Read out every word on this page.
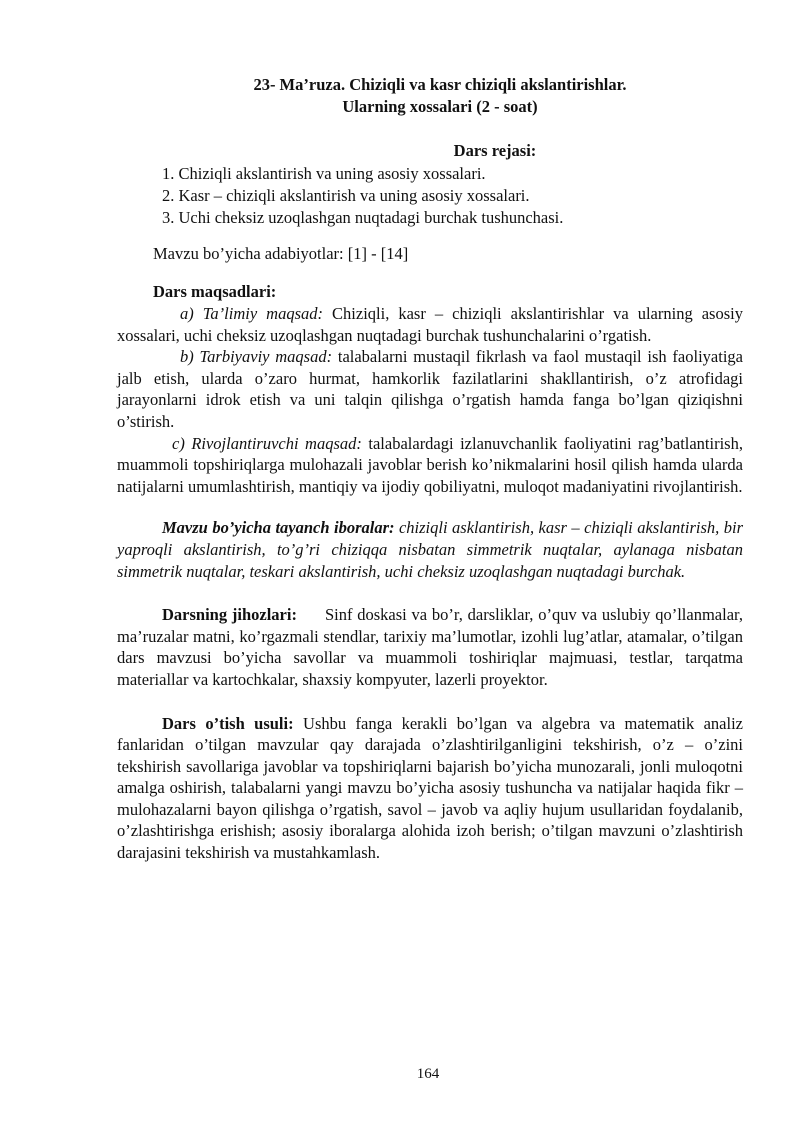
23- Ma’ruza. Chiziqli va kasr chiziqli akslantirishlar.
Ularning xossalari (2 - soat)
Dars rejasi:
1. Chiziqli akslantirish va uning asosiy xossalari.
2. Kasr – chiziqli akslantirish va uning asosiy xossalari.
3. Uchi cheksiz uzoqlashgan nuqtadagi burchak tushunchasi.
Mavzu bo’yicha adabiyotlar: [1] - [14]
Dars maqsadlari:

a) Ta’limiy maqsad: Chiziqli, kasr – chiziqli akslantirishlar va ularning asosiy xossalari, uchi cheksiz uzoqlashgan nuqtadagi burchak tushunchalarini o’rgatish.

b) Tarbiyaviy maqsad: talabalarni mustaqil fikrlash va faol mustaqil ish faoliyatiga jalb etish, ularda o’zaro hurmat, hamkorlik fazilatlarini shakllantirish, o’z atrofidagi jarayonlarni idrok etish va uni talqin qilishga o’rgatish hamda fanga bo’lgan qiziqishni o’stirish.

c) Rivojlantiruvchi maqsad: talabalardagi izlanuvchanlik faoliyatini rag’batlantirish, muammoli topshiriqlarga mulohazali javoblar berish ko’nikmalarini hosil qilish hamda ularda natijalarni umumlashtirish, mantiqiy va ijodiy qobiliyatni, muloqot madaniyatini rivojlantirish.

Mavzu bo’yicha tayanch iboralar: chiziqli asklantirish, kasr – chiziqli akslantirish, bir yaproqli akslantirish, to’g’ri chiziqqa nisbatan simmetrik nuqtalar, aylanaga nisbatan simmetrik nuqtalar, teskari akslantirish, uchi cheksiz uzoqlashgan nuqtadagi burchak.

Darsning jihozlari: Sinf doskasi va bo’r, darsliklar, o’quv va uslubiy qo’llanmalar, ma’ruzalar matni, ko’rgazmali stendlar, tarixiy ma’lumotlar, izohli lug’atlar, atamalar, o’tilgan dars mavzusi bo’yicha savollar va muammoli toshiriqlar majmuasi, testlar, tarqatma materiallar va kartochkalar, shaxsiy kompyuter, lazerli proyektor.

Dars o’tish usuli: Ushbu fanga kerakli bo’lgan va algebra va matematik analiz fanlaridan o’tilgan mavzular qay darajada o’zlashtirilganligini tekshirish, o’z – o’zini tekshirish savollariga javoblar va topshiriqlarni bajarish bo’yicha munozarali, jonli muloqotni amalga oshirish, talabalarni yangi mavzu bo’yicha asosiy tushuncha va natijalar haqida fikr – mulohazalarni bayon qilishga o’rgatish, savol – javob va aqliy hujum usullaridan foydalanib, o’zlashtirishga erishish; asosiy iboralarga alohida izoh berish; o’tilgan mavzuni o’zlashtirish darajasini tekshirish va mustahkamlash.

164
